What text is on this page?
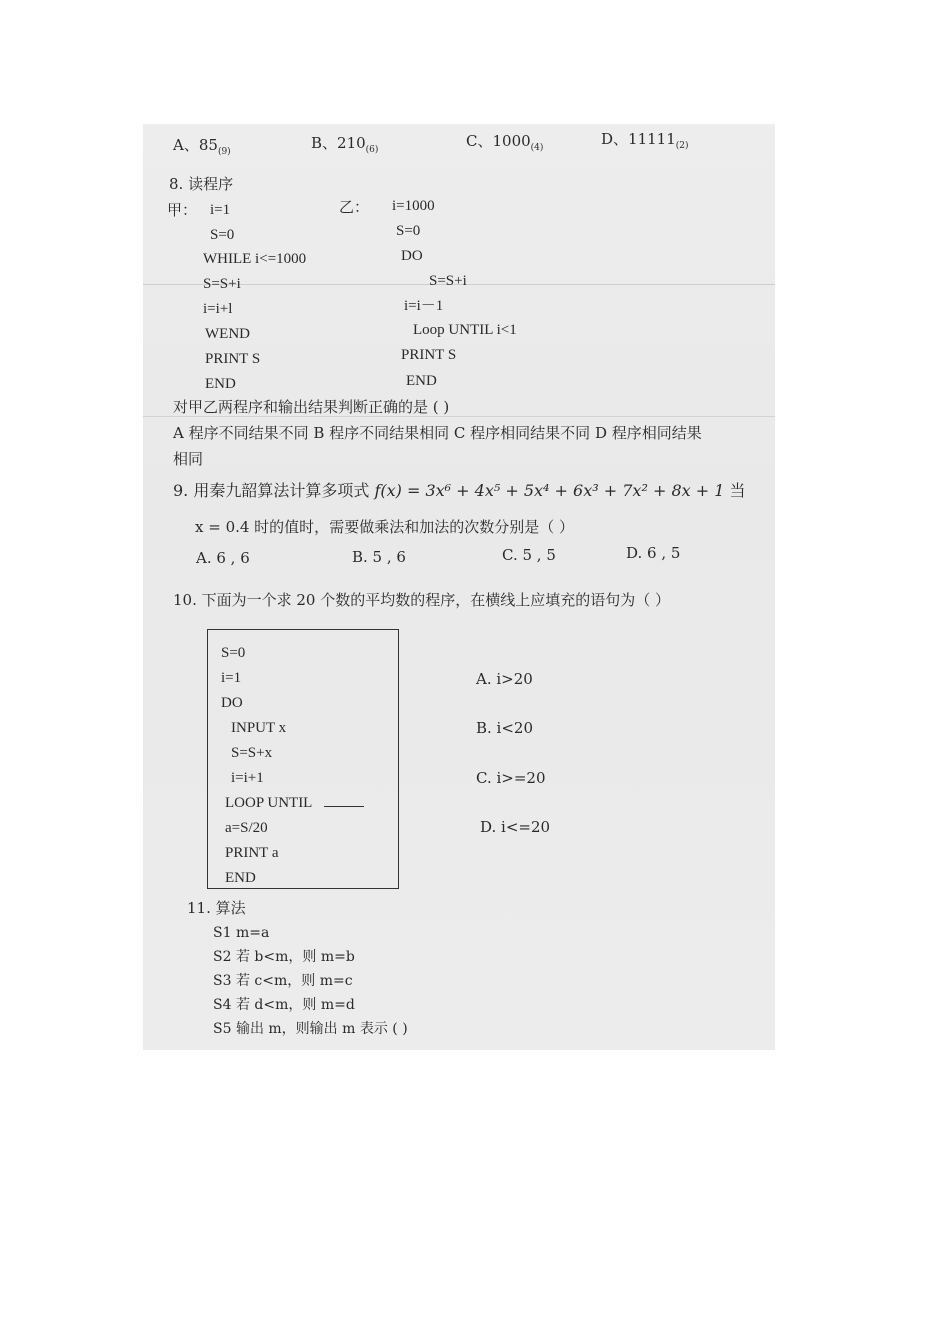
A、$85_{(9)}$	B、$210_{(6)}$	C、$1000_{(4)}$	D、$11111_{(2)}$
8. 读程序
甲：	乙：
i=1
S=0
WHILE i<=1000
S=S+i
i=i+l
WEND
PRINT S
END
i=1000
S=0
DO
S=S+i
i=i－1
Loop UNTIL i<1
PRINT S
END
对甲乙两程序和输出结果判断正确的是 ( )
A 程序不同结果不同 B 程序不同结果相同 C 程序相同结果不同 D 程序相同结果
相同
9. 用秦九韶算法计算多项式 f(x) = 3x⁶ + 4x⁵ + 5x⁴ + 6x³ + 7x² + 8x + 1 当
x = 0.4 时的值时，需要做乘法和加法的次数分别是（ ）
A. 6 , 6	B. 5 , 6	C. 5 , 5	D. 6 , 5
10. 下面为一个求 20 个数的平均数的程序，在横线上应填充的语句为（ ）
S=0
i=1
DO
INPUT x
S=S+x
i=i+1
LOOP UNTIL
a=S/20
PRINT a
END
A. i>20
B. i<20
C. i>=20
D. i<=20
11. 算法
S1 m=a
S2 若 b<m，则 m=b
S3 若 c<m，则 m=c
S4 若 d<m，则 m=d
S5 输出 m，则输出 m 表示 ( )
